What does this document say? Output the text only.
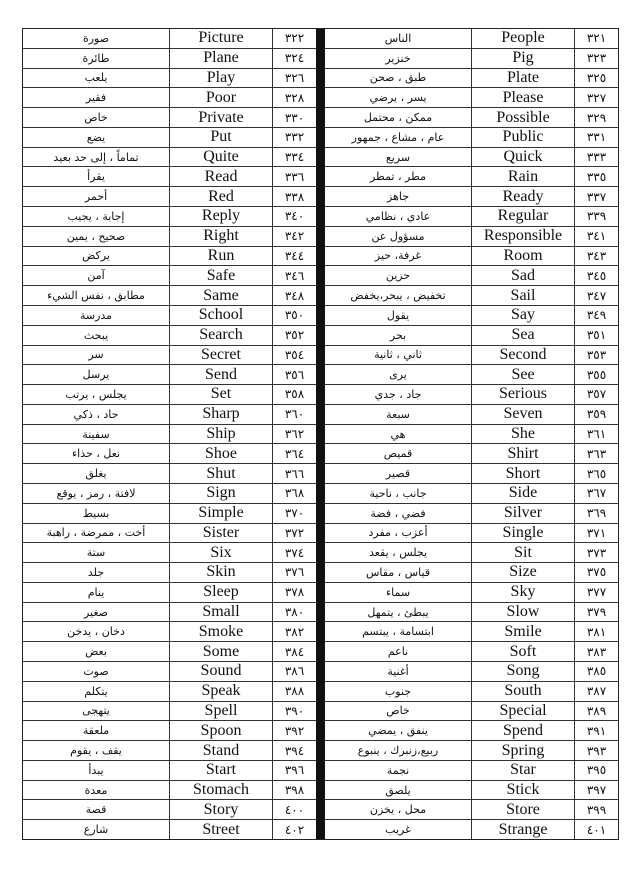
٣٢١
People
الناس
٣٢٣
Pig
خنزير
٣٢٥
Plate
طبق ، صحن
٣٢٧
Please
يسر ، يرضي
٣٢٩
Possible
ممكن ، محتمل
٣٣١
Public
عام ، مشاع ، جمهور
٣٣٣
Quick
سريع
٣٣٥
Rain
مطر ، تمطر
٣٣٧
Ready
جاهز
٣٣٩
Regular
عادي ، نظامي
٣٤١
Responsible
مسؤول عن
٣٤٣
Room
غرفة، حيز
٣٤٥
Sad
حزين
٣٤٧
Sail
تخفيض ، يبحر،يخفض
٣٤٩
Say
يقول
٣٥١
Sea
بحر
٣٥٣
Second
ثاني ، ثانية
٣٥٥
See
يرى
٣٥٧
Serious
جاد ، جدي
٣٥٩
Seven
سبعة
٣٦١
She
هي
٣٦٣
Shirt
قميص
٣٦٥
Short
قصير
٣٦٧
Side
جانب ، ناحية
٣٦٩
Silver
فضي ، فضة
٣٧١
Single
أعزب ، مفرد
٣٧٣
Sit
يجلس ، يقعد
٣٧٥
Size
قياس ، مقاس
٣٧٧
Sky
سماء
٣٧٩
Slow
يبطئ ، يتمهل
٣٨١
Smile
ابتسامة ، يبتسم
٣٨٣
Soft
ناعم
٣٨٥
Song
أغنية
٣٨٧
South
جنوب
٣٨٩
Special
خاص
٣٩١
Spend
ينفق ، يمضي
٣٩٣
Spring
ربيع،زنبرك ، ينبوع
٣٩٥
Star
نجمة
٣٩٧
Stick
يلصق
٣٩٩
Store
محل ، يخزن
٤٠١
Strange
غريب
٣٢٢
Picture
صورة
٣٢٤
Plane
طائرة
٣٢٦
Play
يلعب
٣٢٨
Poor
فقير
٣٣٠
Private
خاص
٣٣٢
Put
يضع
٣٣٤
Quite
تماماً ، إلى حد بعيد
٣٣٦
Read
يقرأ
٣٣٨
Red
أحمر
٣٤٠
Reply
إجابة ، يجيب
٣٤٢
Right
صحيح ، يمين
٣٤٤
Run
يركض
٣٤٦
Safe
آمن
٣٤٨
Same
مطابق ، نفس الشيء
٣٥٠
School
مدرسة
٣٥٢
Search
يبحث
٣٥٤
Secret
سر
٣٥٦
Send
يرسل
٣٥٨
Set
يجلس ، يرتب
٣٦٠
Sharp
حاد ، ذكي
٣٦٢
Ship
سفينة
٣٦٤
Shoe
نعل ، حذاء
٣٦٦
Shut
يغلق
٣٦٨
Sign
لافتة ، رمز ، يوقع
٣٧٠
Simple
بسيط
٣٧٢
Sister
أخت ، ممرضة ، راهبة
٣٧٤
Six
ستة
٣٧٦
Skin
جلد
٣٧٨
Sleep
ينام
٣٨٠
Small
صغير
٣٨٢
Smoke
دخان ، يدخن
٣٨٤
Some
بعض
٣٨٦
Sound
صوت
٣٨٨
Speak
يتكلم
٣٩٠
Spell
يتهجى
٣٩٢
Spoon
ملعقة
٣٩٤
Stand
يقف ، يقوم
٣٩٦
Start
يبدأ
٣٩٨
Stomach
معدة
٤٠٠
Story
قصة
٤٠٢
Street
شارع
